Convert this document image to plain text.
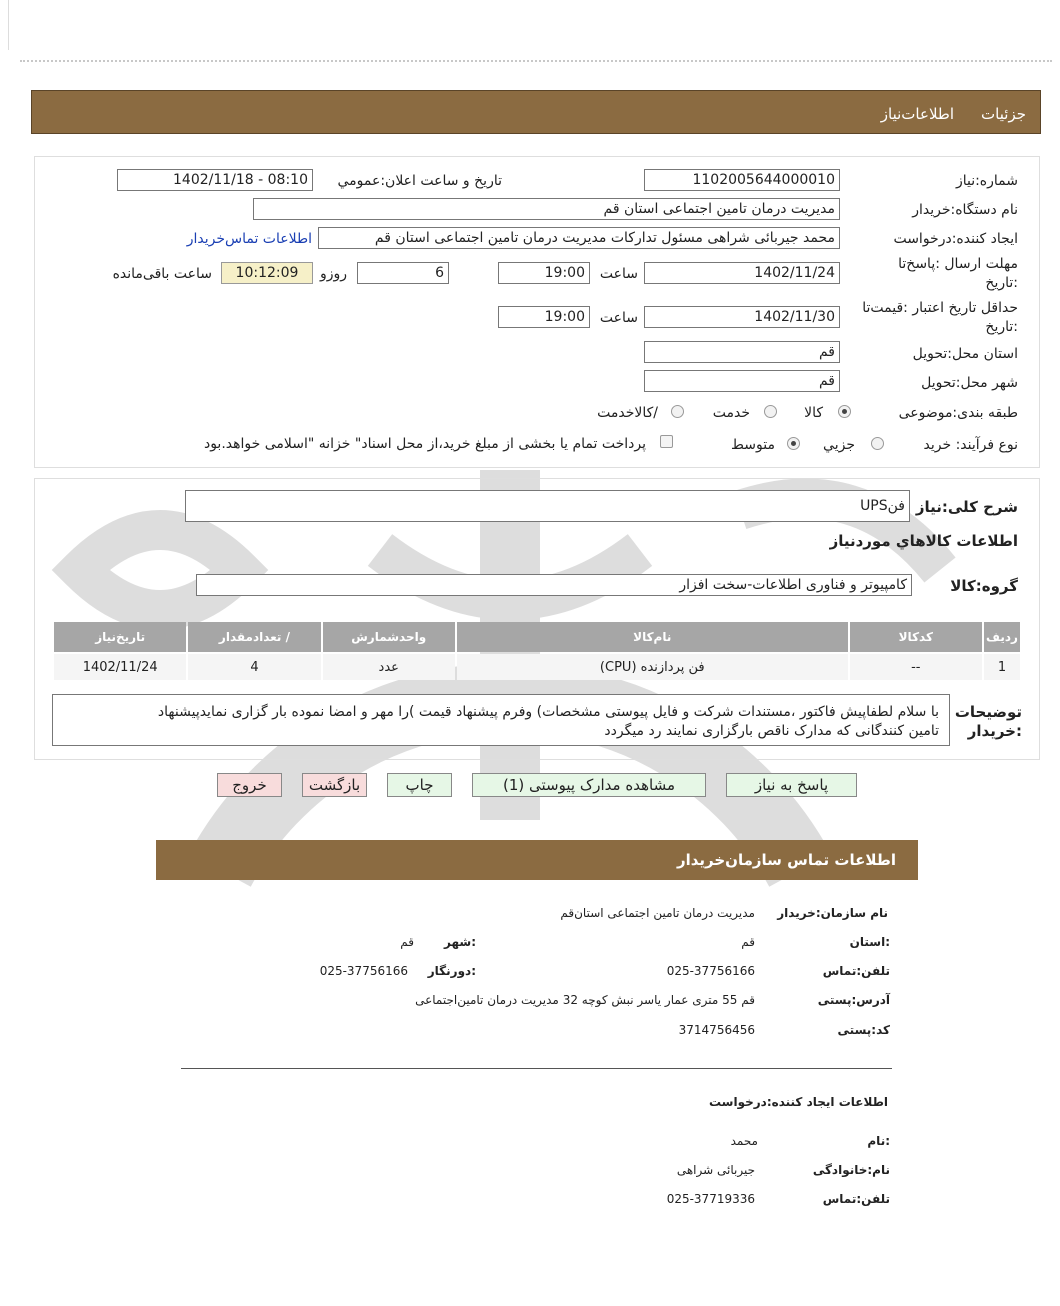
اطلاعات‌نیاز جزئیات
شماره:نیاز
1102005644000010
تاریخ و ساعت اعلان:عمومي
1402/11/18 - 08:10
نام دستگاه:خریدار
مدیریت درمان تامین اجتماعی استان قم
ایجاد کننده:درخواست
محمد جیربائی شراهی مسئول تدارکات مدیریت درمان تامین اجتماعی استان قم
اطلاعات تماس‌خریدار
مهلت ارسال :پاسخ‌تا
:تاریخ
1402/11/24
ساعت
19:00
6
روزو
10:12:09
ساعت باقی‌مانده
حداقل تاریخ اعتبار :قیمت‌تا
:تاریخ
1402/11/30
ساعت
19:00
استان محل:تحویل
قم
شهر محل:تحویل
قم
طبقه بندی:موضوعی
کالا
خدمت
/کالاخدمت
نوع فرآیند: خرید
جزيي
متوسط
پرداخت تمام یا بخشی از مبلغ خرید،از محل اسناد" خزانه "اسلامی خواهد.بود
شرح کلی:نیاز
فنUPS
اطلاعات کالاهاي موردنیاز
گروه:کالا
کامپیوتر و فناوری اطلاعات-سخت افزار
ردیف	کدکالا	نام‌کالا	واحدشمارش	/ تعدادمقدار	تاریخ‌نیاز
1	--	فن پردازنده (CPU)	عدد	4	1402/11/24
توضیحات
:خریدار
با سلام لطفاپیش فاکتور ،مستندات شرکت و فایل پیوستی مشخصات) وفرم پیشنهاد قیمت )را مهر و امضا نموده بار گزاری نمایدپیشنهاد
تامین کنندگانی که مدارک ناقص بارگزاری نمایند رد میگردد
پاسخ به نیاز
مشاهده مدارک پیوستی (1)
چاپ
بازگشت
خروج
اطلاعات تماس سازمان‌خریدار
نام سازمان:خریدار
مدیریت درمان تامین اجتماعی استان‌قم
:استان
قم
:شهر
قم
تلفن:تماس
025-37756166
:دورنگار
025-37756166
آدرس:پستی
قم 55 متری عمار یاسر نبش کوچه 32 مدیریت درمان تامین‌اجتماعی
کد:پستی
3714756456
اطلاعات ایجاد کننده:درخواست
:نام
محمد
نام:خانوادگی
جیربائی شراهی
تلفن:تماس
025-37719336
